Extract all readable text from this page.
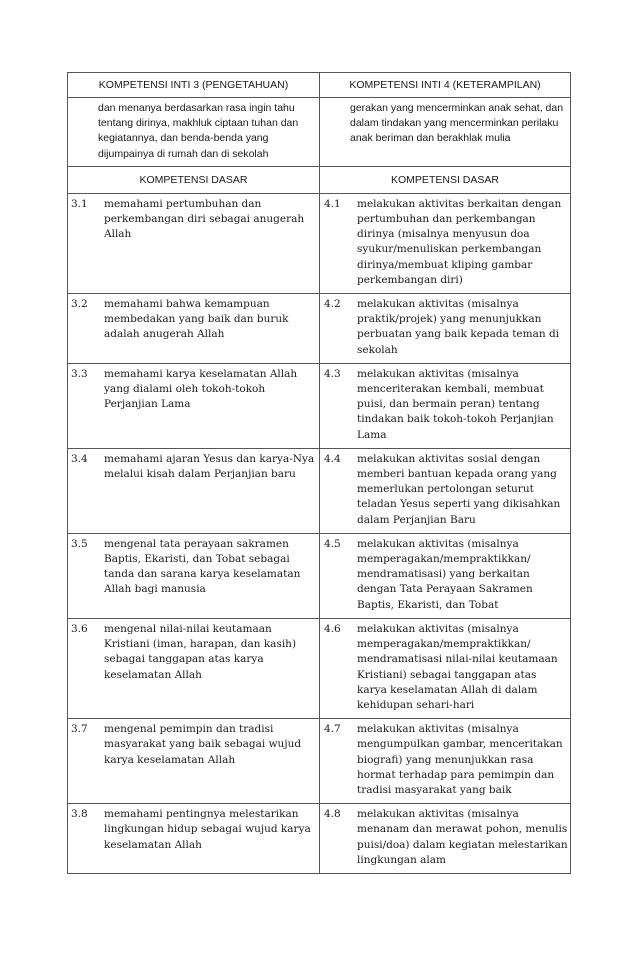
KOMPETENSI INTI 3 (PENGETAHUAN)	KOMPETENSI INTI 4 (KETERAMPILAN)
dan menanya berdasarkan rasa ingin tahu tentang dirinya, makhluk ciptaan tuhan dan kegiatannya, dan benda-benda yang dijumpainya di rumah dan di sekolah	gerakan yang mencerminkan anak sehat, dan dalam tindakan yang mencerminkan perilaku anak beriman dan berakhlak mulia
KOMPETENSI DASAR	KOMPETENSI DASAR

3.1 memahami pertumbuhan dan perkembangan diri sebagai anugerah Allah	4.1 melakukan aktivitas berkaitan dengan pertumbuhan dan perkembangan dirinya (misalnya menyusun doa syukur/menuliskan perkembangan dirinya/membuat kliping gambar perkembangan diri)

3.2 memahami bahwa kemampuan membedakan yang baik dan buruk adalah anugerah Allah	4.2 melakukan aktivitas (misalnya praktik/projek) yang menunjukkan perbuatan yang baik kepada teman di sekolah

3.3 memahami karya keselamatan Allah yang dialami oleh tokoh-tokoh Perjanjian Lama	4.3 melakukan aktivitas (misalnya menceriterakan kembali, membuat puisi, dan bermain peran) tentang tindakan baik tokoh-tokoh Perjanjian Lama

3.4 memahami ajaran Yesus dan karya-Nya melalui kisah dalam Perjanjian baru	4.4 melakukan aktivitas sosial dengan memberi bantuan kepada orang yang memerlukan pertolongan seturut teladan Yesus seperti yang dikisahkan dalam Perjanjian Baru

3.5 mengenal tata perayaan sakramen Baptis, Ekaristi, dan Tobat sebagai tanda dan sarana karya keselamatan Allah bagi manusia	4.5 melakukan aktivitas (misalnya memperagakan/mempraktikkan/ mendramatisasi) yang berkaitan dengan Tata Perayaan Sakramen Baptis, Ekaristi, dan Tobat

3.6 mengenal nilai-nilai keutamaan Kristiani (iman, harapan, dan kasih) sebagai tanggapan atas karya keselamatan Allah	4.6 melakukan aktivitas (misalnya memperagakan/mempraktikkan/ mendramatisasi nilai-nilai keutamaan Kristiani) sebagai tanggapan atas karya keselamatan Allah di dalam kehidupan sehari-hari

3.7 mengenal pemimpin dan tradisi masyarakat yang baik sebagai wujud karya keselamatan Allah	4.7 melakukan aktivitas (misalnya mengumpulkan gambar, menceritakan biografi) yang menunjukkan rasa hormat terhadap para pemimpin dan tradisi masyarakat yang baik

3.8 memahami pentingnya melestarikan lingkungan hidup sebagai wujud karya keselamatan Allah	4.8 melakukan aktivitas (misalnya menanam dan merawat pohon, menulis puisi/doa) dalam kegiatan melestarikan lingkungan alam
